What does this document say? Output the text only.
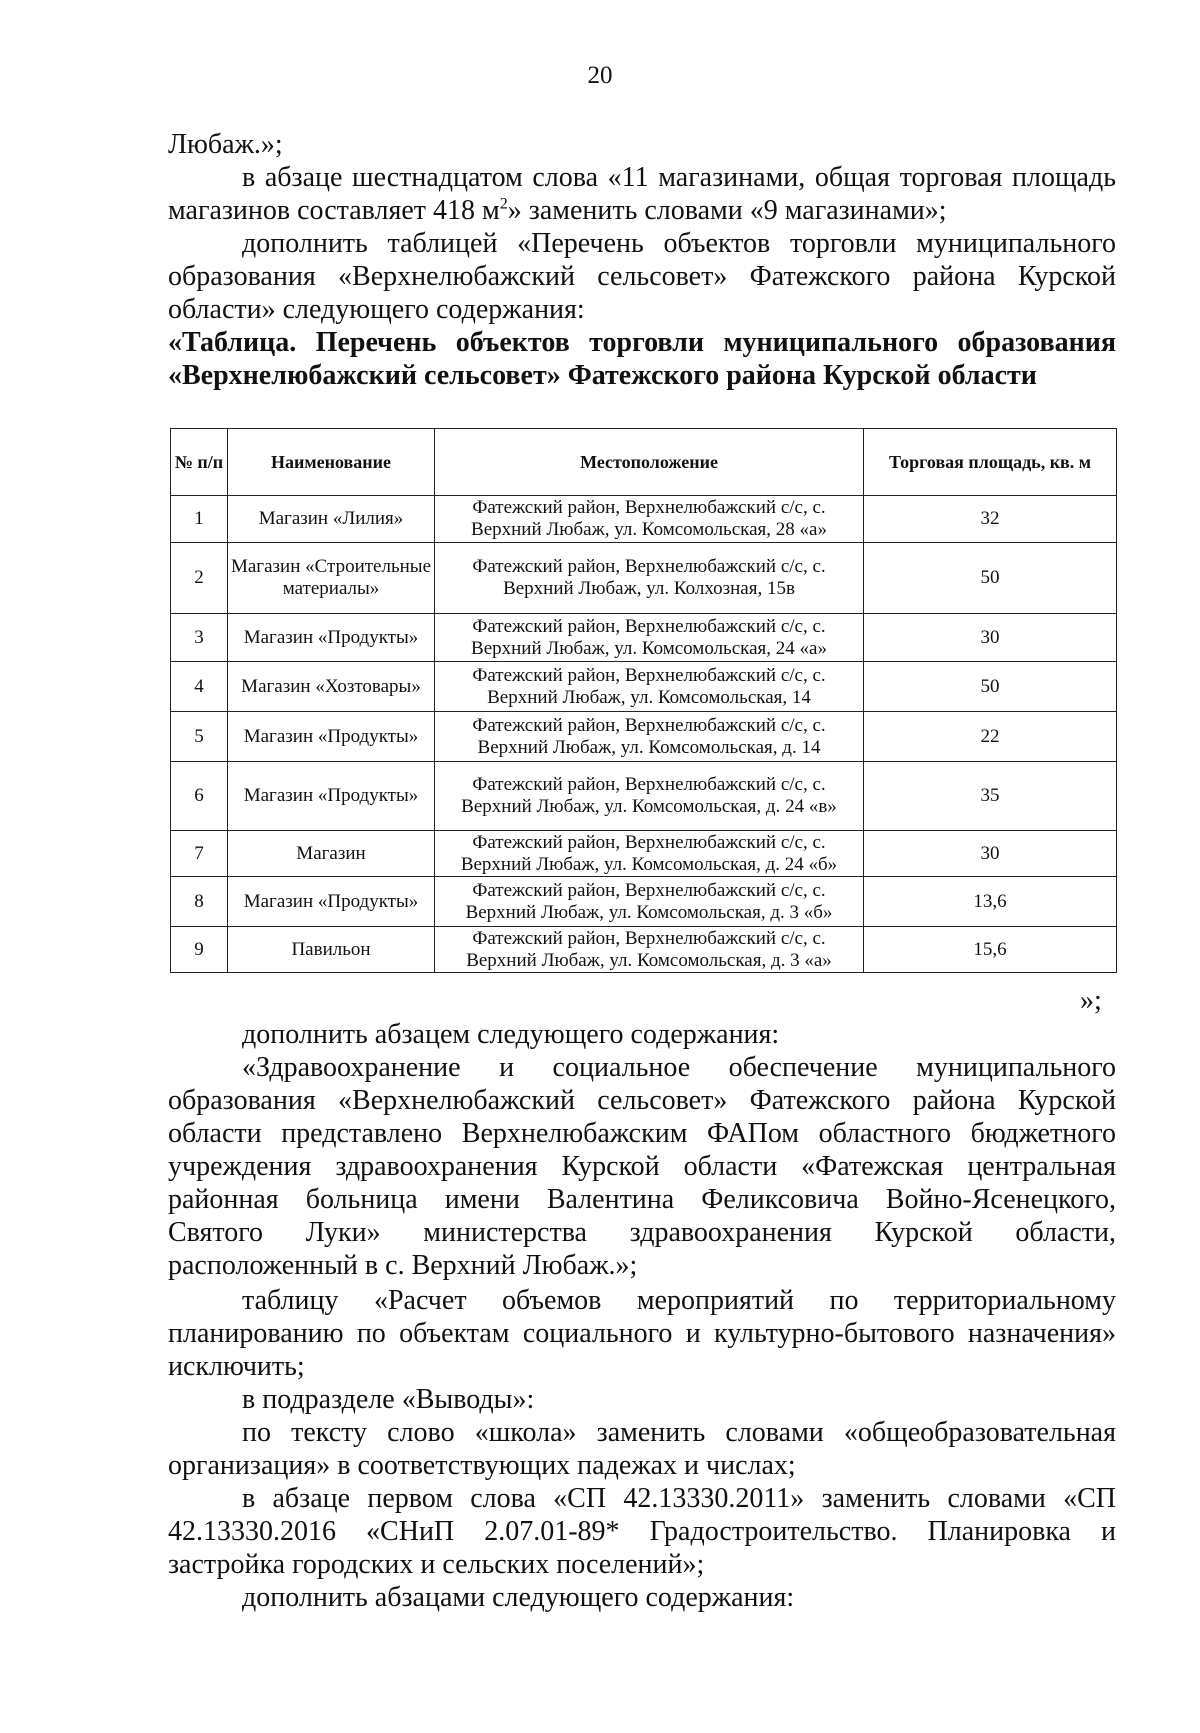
20

Любаж.»;

в абзаце шестнадцатом слова «11 магазинами, общая торговая площадь магазинов составляет 418 $м^2$» заменить словами «9 магазинами»;

дополнить таблицей «Перечень объектов торговли муниципального образования «Верхнелюбажский сельсовет» Фатежского района Курской области» следующего содержания:

«Таблица. Перечень объектов торговли муниципального образования «Верхнелюбажский сельсовет» Фатежского района Курской области

№ п/п	Наименование	Местоположение	Торговая площадь, кв. м
1	Магазин «Лилия»	Фатежский район, Верхнелюбажский с/с, с. Верхний Любаж, ул. Комсомольская, 28 «а»	32
2	Магазин «Строительные материалы»	Фатежский район, Верхнелюбажский с/с, с. Верхний Любаж, ул. Колхозная, 15в	50
3	Магазин «Продукты»	Фатежский район, Верхнелюбажский с/с, с. Верхний Любаж, ул. Комсомольская, 24 «а»	30
4	Магазин «Хозтовары»	Фатежский район, Верхнелюбажский с/с, с. Верхний Любаж, ул. Комсомольская, 14	50
5	Магазин «Продукты»	Фатежский район, Верхнелюбажский с/с, с. Верхний Любаж, ул. Комсомольская, д. 14	22
6	Магазин «Продукты»	Фатежский район, Верхнелюбажский с/с, с. Верхний Любаж, ул. Комсомольская, д. 24 «в»	35
7	Магазин	Фатежский район, Верхнелюбажский с/с, с. Верхний Любаж, ул. Комсомольская, д. 24 «б»	30
8	Магазин «Продукты»	Фатежский район, Верхнелюбажский с/с, с. Верхний Любаж, ул. Комсомольская, д. 3 «б»	13,6
9	Павильон	Фатежский район, Верхнелюбажский с/с, с. Верхний Любаж, ул. Комсомольская, д. 3 «а»	15,6
»;

дополнить абзацем следующего содержания:

«Здравоохранение и социальное обеспечение муниципального образования «Верхнелюбажский сельсовет» Фатежского района Курской области представлено Верхнелюбажским ФАПом областного бюджетного учреждения здравоохранения Курской области «Фатежская центральная районная больница имени Валентина Феликсовича Войно-Ясенецкого, Святого Луки» министерства здравоохранения Курской области, расположенный в с. Верхний Любаж.»;

таблицу «Расчет объемов мероприятий по территориальному планированию по объектам социального и культурно-бытового назначения» исключить;

в подразделе «Выводы»:

по тексту слово «школа» заменить словами «общеобразовательная организация» в соответствующих падежах и числах;

в абзаце первом слова «СП 42.13330.2011» заменить словами «СП 42.13330.2016 «СНиП 2.07.01-89* Градостроительство. Планировка и застройка городских и сельских поселений»;

дополнить абзацами следующего содержания:
